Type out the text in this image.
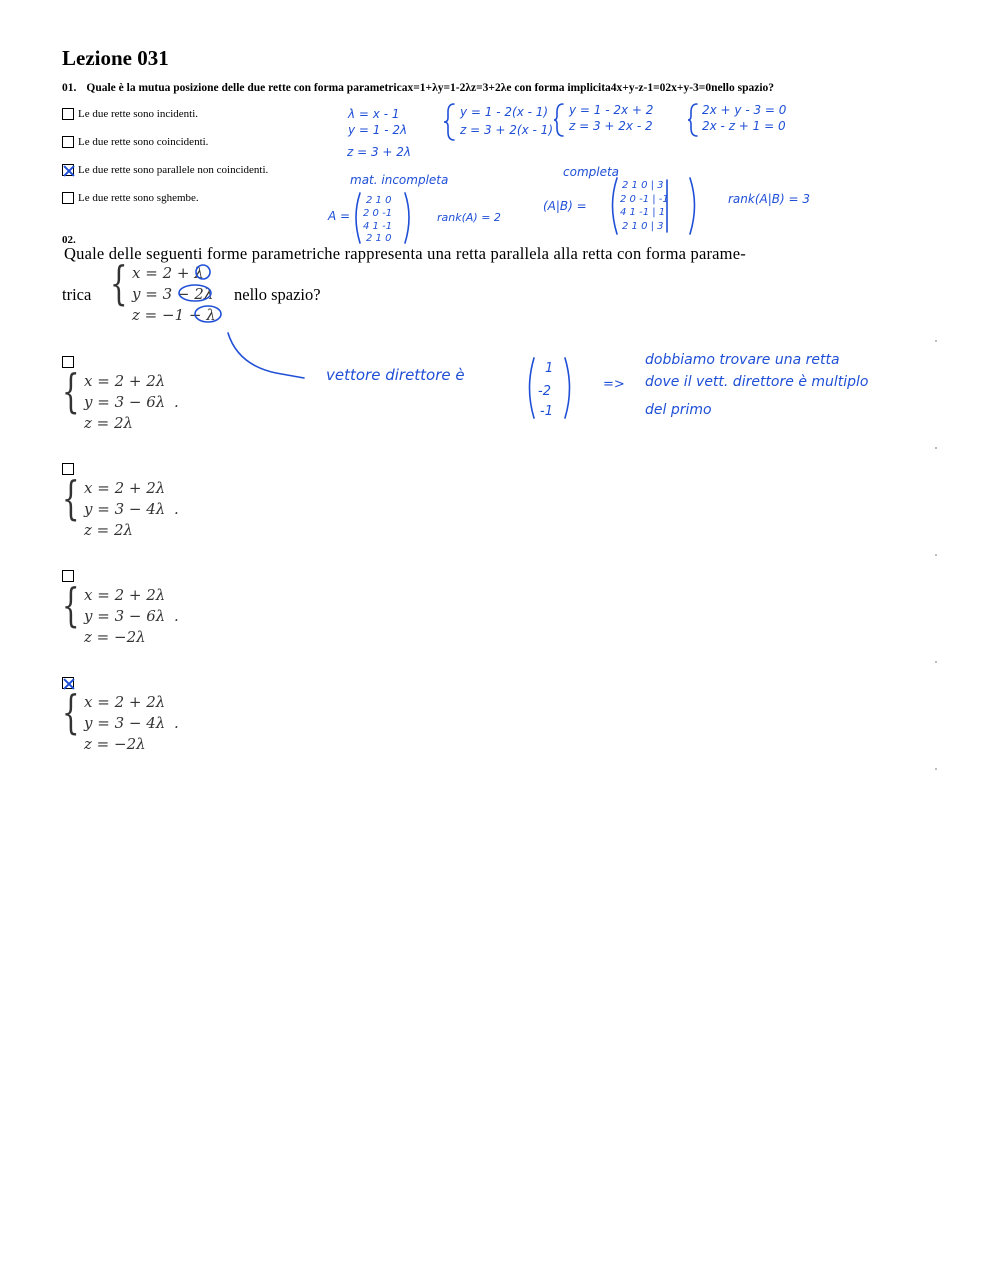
Lezione 031
01. Quale è la mutua posizione delle due rette con forma parametricax=1+λy=1-2λz=3+2λe con forma implicita4x+y-z-1=02x+y-3=0nello spazio?
Le due rette sono incidenti.
Le due rette sono coincidenti.
Le due rette sono parallele non coincidenti.
Le due rette sono sghembe.
02.
Quale delle seguenti forme parametriche rappresenta una retta parallela alla retta con forma parame-
trica { x = 2 + λ
y = 3 − 2λ
z = −1 − λ
nello spazio?
{ x = 2 + 2λ
y = 3 − 6λ
z = 2λ
.
{ x = 2 + 2λ
y = 3 − 4λ
z = 2λ
.
{ x = 2 + 2λ
y = 3 − 6λ
z = −2λ
.
{ x = 2 + 2λ
y = 3 − 4λ
z = −2λ
.
λ = x - 1
y = 1 - 2λ
z = 3 + 2λ
y = 1 - 2(x - 1)
z = 3 + 2(x - 1)
y = 1 - 2x + 2
z = 3 + 2x - 2
2x + y - 3 = 0
2x - z + 1 = 0
mat. incompleta
completa
A =
2 1 0
2 0 -1
4 1 -1
2 1 0
rank(A) = 2
(A|B) =
2 1 0 | 3
2 0 -1 | -1
4 1 -1 | 1
2 1 0 | 3
rank(A|B) = 3
vettore direttore è	1
-2
-1
=>
dobbiamo trovare una retta
dove il vett. direttore è multiplo
del primo
